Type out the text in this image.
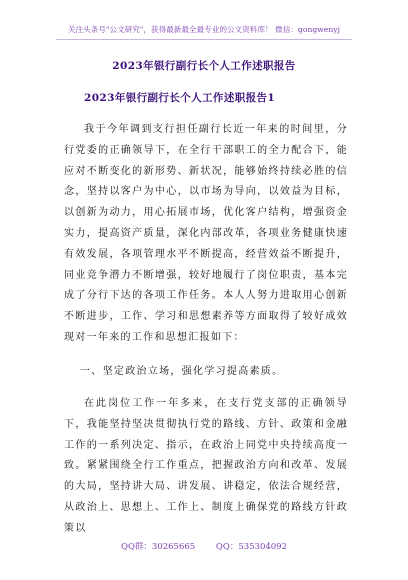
关注头条号"公文研究"，获得最新最全最专业的公文资料库！ 微信：gongwenyj
2023年银行副行长个人工作述职报告
2023年银行副行长个人工作述职报告1
我于今年调到支行担任副行长近一年来的时间里，分行党委的正确领导下，在全行干部职工的全力配合下，能应对不断变化的新形势、新状况，能够始终持续必胜的信念，坚持以客户为中心，以市场为导向，以效益为目标，以创新为动力，用心拓展市场，优化客户结构，增强资金实力，提高资产质量，深化内部改革，各项业务健康快速有效发展，各项管理水平不断提高，经营效益不断提升，同业竞争潜力不断增强，较好地履行了岗位职责，基本完成了分行下达的各项工作任务。本人人努力进取用心创新不断进步，工作、学习和思想素养等方面取得了较好成效现对一年来的工作和思想汇报如下：
一、坚定政治立场，强化学习提高素质。
在此岗位工作一年多来，在支行党支部的正确领导下，我能坚持坚决贯彻执行党的路线、方针、政策和金融工作的一系列决定、指示，在政治上同党中央持续高度一致。紧紧围绕全行工作重点，把握政治方向和改革、发展的大局，坚持讲大局、讲发展、讲稳定，依法合规经营，从政治上、思想上、工作上、制度上确保党的路线方针政策以
QQ群：30265665 QQ：535304092
